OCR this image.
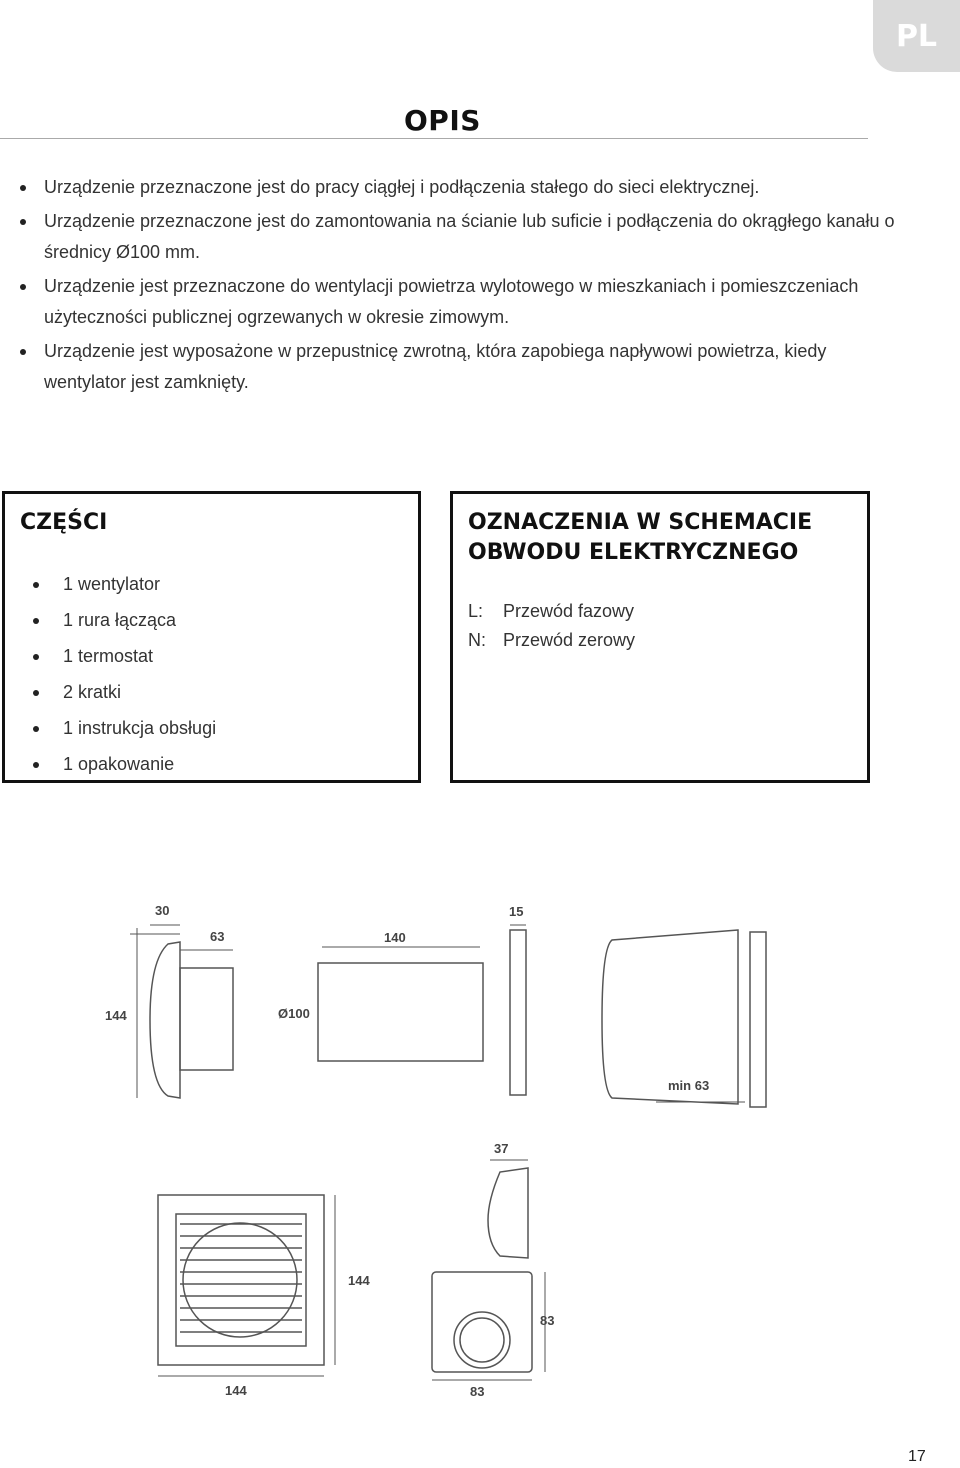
PL
OPIS
Urządzenie przeznaczone jest do pracy ciągłej i podłączenia stałego do sieci elektrycznej.
Urządzenie przeznaczone jest do zamontowania na ścianie lub suficie i podłączenia do okrągłego kanału o średnicy Ø100 mm.
Urządzenie jest przeznaczone do wentylacji powietrza wylotowego w mieszkaniach i pomieszczeniach użyteczności publicznej ogrzewanych w okresie zimowym.
Urządzenie jest wyposażone w przepustnicę zwrotną, która zapobiega napływowi powietrza, kiedy wentylator jest zamknięty.
CZĘŚCI
1 wentylator
1 rura łącząca
1 termostat
2 kratki
1 instrukcja obsługi
1 opakowanie
OZNACZENIA W SCHEMACIE OBWODU ELEKTRYCZNEGO
L:	Przewód fazowy
N: Przewód zerowy
30
63
144
140
Ø100
15
min 63
144
144
37
83
83
17
